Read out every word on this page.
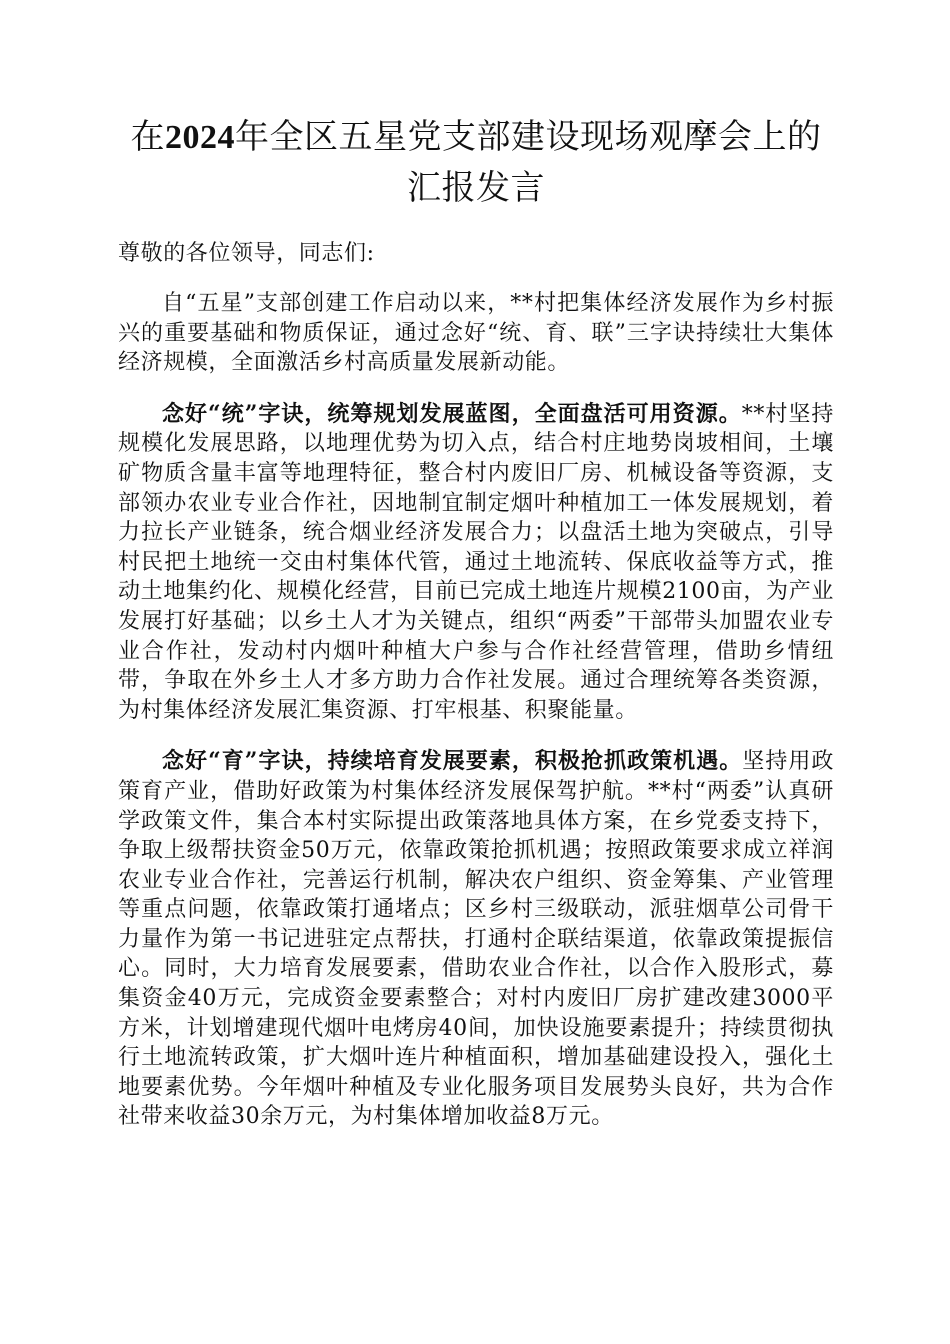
在2024年全区五星党支部建设现场观摩会上的
汇报发言

尊敬的各位领导，同志们:

自“五星”支部创建工作启动以来，**村把集体经济发展作为乡村振兴的重要基础和物质保证，通过念好“统、育、联”三字诀持续壮大集体经济规模，全面激活乡村高质量发展新动能。

念好“统”字诀，统筹规划发展蓝图，全面盘活可用资源。**村坚持规模化发展思路，以地理优势为切入点，结合村庄地势岗坡相间，土壤矿物质含量丰富等地理特征，整合村内废旧厂房、机械设备等资源，支部领办农业专业合作社，因地制宜制定烟叶种植加工一体发展规划，着力拉长产业链条，统合烟业经济发展合力；以盘活土地为突破点，引导村民把土地统一交由村集体代管，通过土地流转、保底收益等方式，推动土地集约化、规模化经营，目前已完成土地连片规模2100亩，为产业发展打好基础；以乡土人才为关键点，组织“两委”干部带头加盟农业专业合作社，发动村内烟叶种植大户参与合作社经营管理，借助乡情纽带，争取在外乡土人才多方助力合作社发展。通过合理统筹各类资源，为村集体经济发展汇集资源、打牢根基、积聚能量。

念好“育”字诀，持续培育发展要素，积极抢抓政策机遇。坚持用政策育产业，借助好政策为村集体经济发展保驾护航。**村“两委”认真研学政策文件，集合本村实际提出政策落地具体方案，在乡党委支持下，争取上级帮扶资金50万元，依靠政策抢抓机遇；按照政策要求成立祥润农业专业合作社，完善运行机制，解决农户组织、资金筹集、产业管理等重点问题，依靠政策打通堵点；区乡村三级联动，派驻烟草公司骨干力量作为第一书记进驻定点帮扶，打通村企联结渠道，依靠政策提振信心。同时，大力培育发展要素，借助农业合作社，以合作入股形式，募集资金40万元，完成资金要素整合；对村内废旧厂房扩建改建3000平方米，计划增建现代烟叶电烤房40间，加快设施要素提升；持续贯彻执行土地流转政策，扩大烟叶连片种植面积，增加基础建设投入，强化土地要素优势。今年烟叶种植及专业化服务项目发展势头良好，共为合作社带来收益30余万元，为村集体增加收益8万元。
